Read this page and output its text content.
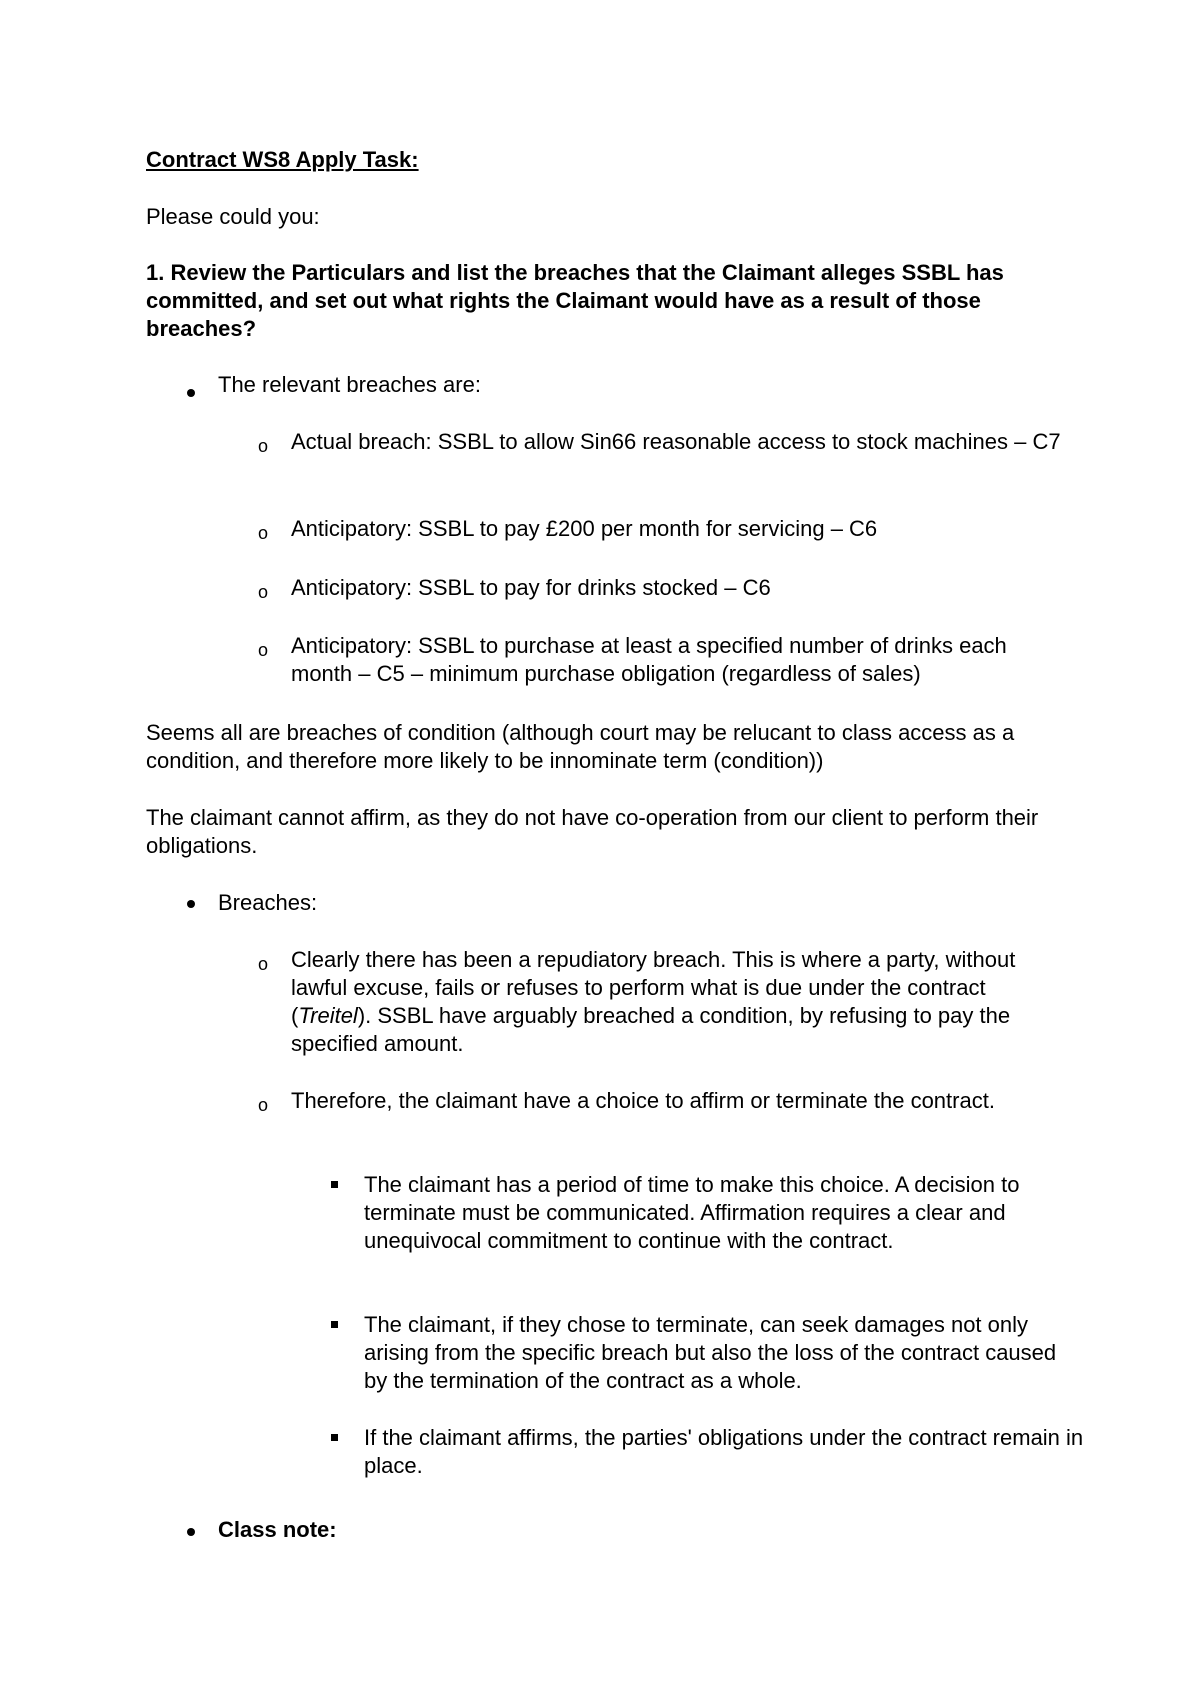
Contract WS8 Apply Task:

Please could you:

1. Review the Particulars and list the breaches that the Claimant alleges SSBL has committed, and set out what rights the Claimant would have as a result of those breaches?

The relevant breaches are:

o Actual breach: SSBL to allow Sin66 reasonable access to stock machines – C7

o Anticipatory: SSBL to pay £200 per month for servicing – C6

o Anticipatory: SSBL to pay for drinks stocked – C6

o Anticipatory: SSBL to purchase at least a specified number of drinks each month – C5 – minimum purchase obligation (regardless of sales)

Seems all are breaches of condition (although court may be relucant to class access as a condition, and therefore more likely to be innominate term (condition))

The claimant cannot affirm, as they do not have co-operation from our client to perform their obligations.

Breaches:

o Clearly there has been a repudiatory breach. This is where a party, without lawful excuse, fails or refuses to perform what is due under the contract (Treitel). SSBL have arguably breached a condition, by refusing to pay the specified amount.

o Therefore, the claimant have a choice to affirm or terminate the contract.

The claimant has a period of time to make this choice. A decision to terminate must be communicated. Affirmation requires a clear and unequivocal commitment to continue with the contract.

The claimant, if they chose to terminate, can seek damages not only arising from the specific breach but also the loss of the contract caused by the termination of the contract as a whole.

If the claimant affirms, the parties' obligations under the contract remain in place.

Class note:
